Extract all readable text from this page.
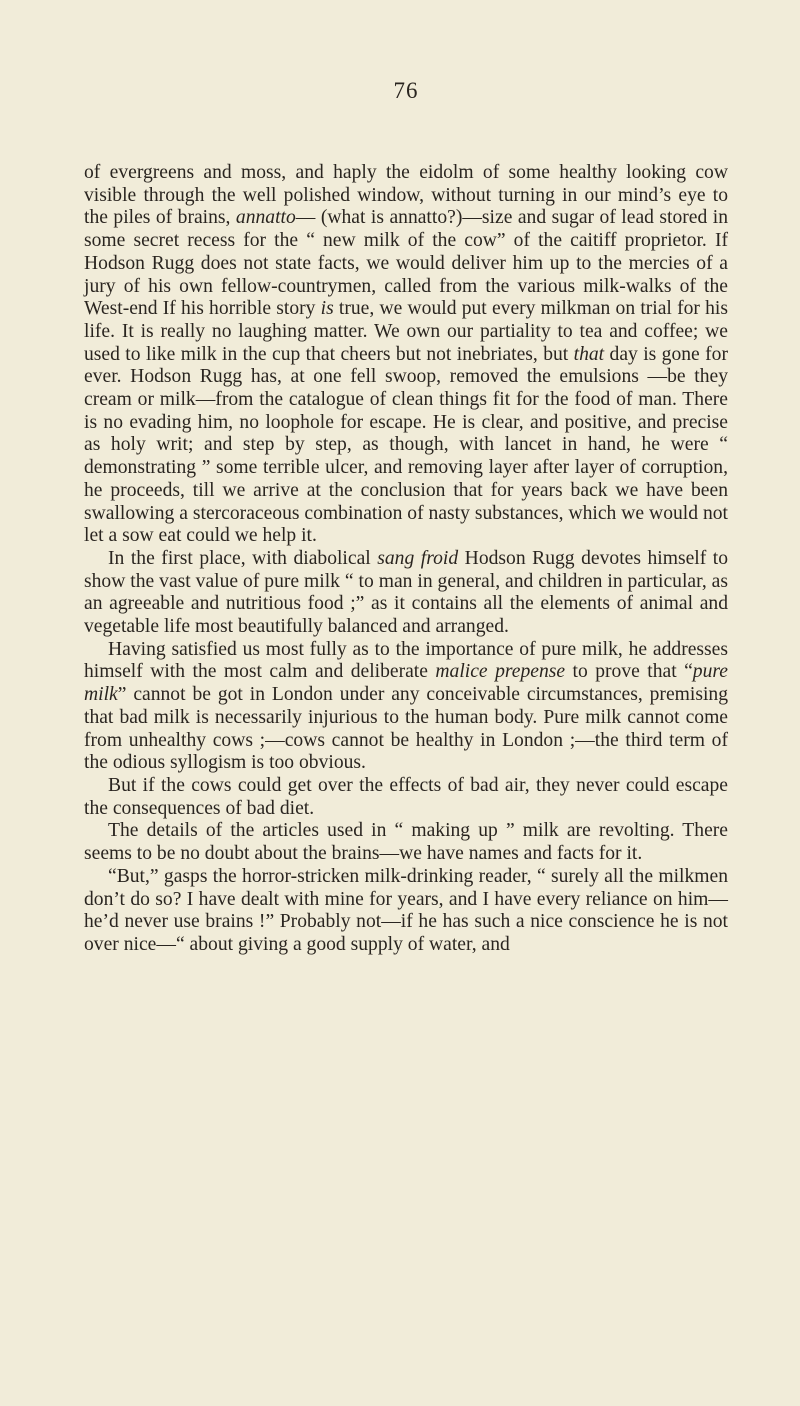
76

of evergreens and moss, and haply the eidolm of some healthy looking cow visible through the well polished window, without turning in our mind’s eye to the piles of brains, annatto— (what is annatto?)—size and sugar of lead stored in some secret recess for the “ new milk of the cow” of the caitiff proprietor. If Hodson Rugg does not state facts, we would deliver him up to the mercies of a jury of his own fellow-countrymen, called from the various milk-walks of the West-end If his horrible story is true, we would put every milkman on trial for his life. It is really no laughing matter. We own our partiality to tea and coffee; we used to like milk in the cup that cheers but not inebriates, but that day is gone for ever. Hodson Rugg has, at one fell swoop, removed the emulsions —be they cream or milk—from the catalogue of clean things fit for the food of man. There is no evading him, no loophole for escape. He is clear, and positive, and precise as holy writ; and step by step, as though, with lancet in hand, he were “ demonstrating ” some terrible ulcer, and removing layer after layer of corruption, he proceeds, till we arrive at the conclusion that for years back we have been swallowing a stercoraceous combination of nasty substances, which we would not let a sow eat could we help it.

In the first place, with diabolical sang froid Hodson Rugg devotes himself to show the vast value of pure milk “ to man in general, and children in particular, as an agreeable and nutritious food ;” as it contains all the elements of animal and vegetable life most beautifully balanced and arranged.

Having satisfied us most fully as to the importance of pure milk, he addresses himself with the most calm and deliberate malice prepense to prove that “pure milk” cannot be got in London under any conceivable circumstances, premising that bad milk is necessarily injurious to the human body. Pure milk cannot come from unhealthy cows ;—cows cannot be healthy in London ;—the third term of the odious syllogism is too obvious.

But if the cows could get over the effects of bad air, they never could escape the consequences of bad diet.

The details of the articles used in “ making up ” milk are revolting. There seems to be no doubt about the brains—we have names and facts for it.

“But,” gasps the horror-stricken milk-drinking reader, “ surely all the milkmen don’t do so? I have dealt with mine for years, and I have every reliance on him—he’d never use brains !” Probably not—if he has such a nice conscience he is not over nice—“ about giving a good supply of water, and
